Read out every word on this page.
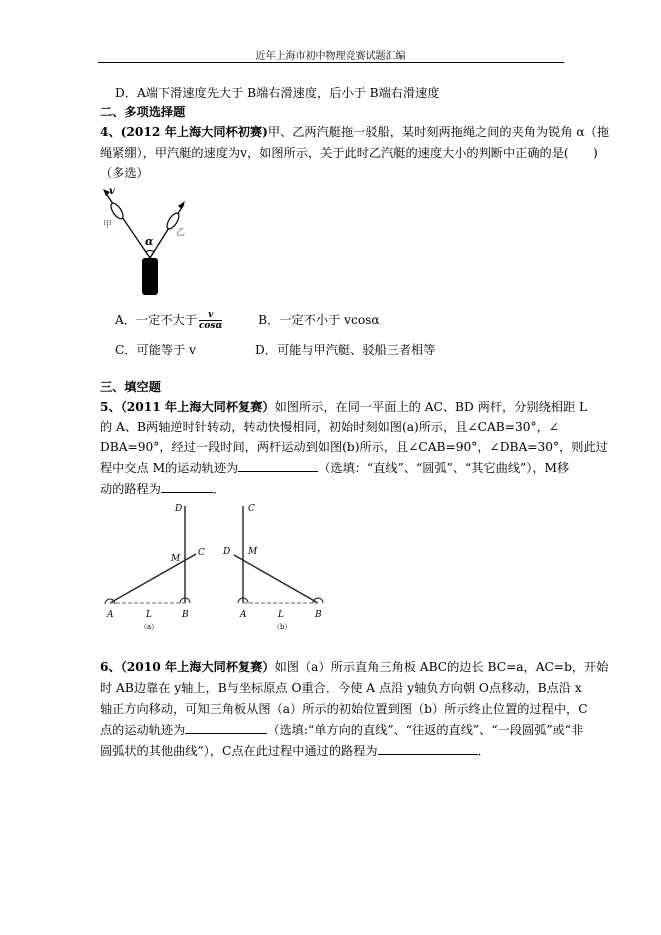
近年上海市初中物理竞赛试题汇编
D．A端下滑速度先大于 B端右滑速度，后小于 B端右滑速度
二、多项选择题
4、(2012 年上海大同杯初赛)甲、乙两汽艇拖一驳船，某时刻两拖绳之间的夹角为锐角 α（拖
绳紧绷），甲汽艇的速度为v，如图所示，关于此时乙汽艇的速度大小的判断中正确的是(　　)
（多选）
v
甲
乙
α
A．一定不大于 $\frac{v}{\cos\alpha}$	B．一定不小于 vcosα
C．可能等于 v	D．可能与甲汽艇、驳船三者相等
三、填空题
5、（2011 年上海大同杯复赛）如图所示，在同一平面上的 AC、BD 两杆，分别绕相距 L
的 A、B两轴逆时针转动，转动快慢相同，初始时刻如图(a)所示，且∠CAB=30°，∠
DBA=90°，经过一段时间，两杆运动到如图(b)所示，且∠CAB=90°，∠DBA=30°，则此过
程中交点 M的运动轨迹为	（选填：“直线”、“圆弧”、“其它曲线”），M移
动的路程为	．
D
C
M
A	L	B
（a）
C
D M
A	L	B
（b）
6、（2010 年上海大同杯复赛）如图（a）所示直角三角板 ABC的边长 BC=a，AC=b，开始
时 AB边靠在 y轴上，B与坐标原点 O重合．今使 A 点沿 y轴负方向朝 O点移动，B点沿 x
轴正方向移动，可知三角板从图（a）所示的初始位置到图（b）所示终止位置的过程中，C
点的运动轨迹为	（选填:“单方向的直线”、“往返的直线”、“一段圆弧”或“非
圆弧状的其他曲线”），C点在此过程中通过的路程为	．
